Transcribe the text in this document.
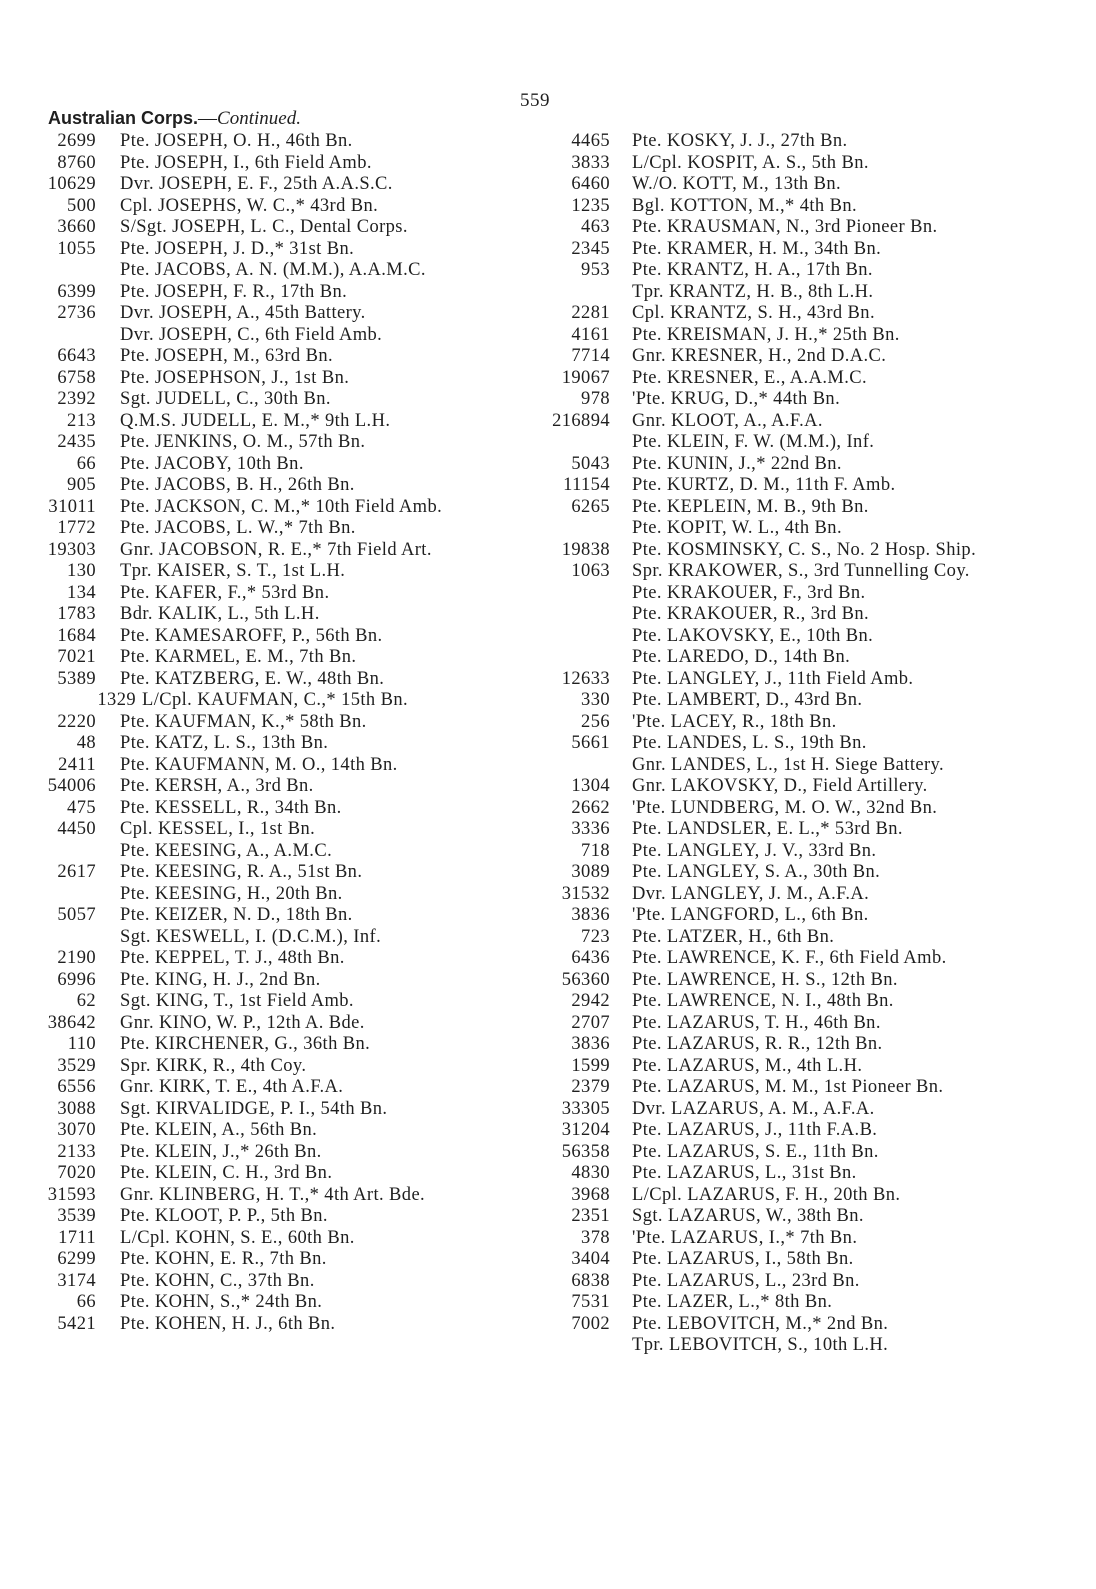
559
Australian Corps.—Continued.
2699	Pte. JOSEPH, O. H., 46th Bn.
8760	Pte. JOSEPH, I., 6th Field Amb.
10629	Dvr. JOSEPH, E. F., 25th A.A.S.C.
500	Cpl. JOSEPHS, W. C.,* 43rd Bn.
3660	S/Sgt. JOSEPH, L. C., Dental Corps.
1055	Pte. JOSEPH, J. D.,* 31st Bn.
Pte. JACOBS, A. N. (M.M.), A.A.M.C.
6399	Pte. JOSEPH, F. R., 17th Bn.
2736	Dvr. JOSEPH, A., 45th Battery.
Dvr. JOSEPH, C., 6th Field Amb.
6643	Pte. JOSEPH, M., 63rd Bn.
6758	Pte. JOSEPHSON, J., 1st Bn.
2392	Sgt. JUDELL, C., 30th Bn.
213	Q.M.S. JUDELL, E. M.,* 9th L.H.
2435	Pte. JENKINS, O. M., 57th Bn.
66	Pte. JACOBY, 10th Bn.
905	Pte. JACOBS, B. H., 26th Bn.
31011	Pte. JACKSON, C. M.,* 10th Field Amb.
1772	Pte. JACOBS, L. W.,* 7th Bn.
19303	Gnr. JACOBSON, R. E.,* 7th Field Art.
130	Tpr. KAISER, S. T., 1st L.H.
134	Pte. KAFER, F.,* 53rd Bn.
1783	Bdr. KALIK, L., 5th L.H.
1684	Pte. KAMESAROFF, P., 56th Bn.
7021	Pte. KARMEL, E. M., 7th Bn.
5389	Pte. KATZBERG, E. W., 48th Bn.
1329 L/Cpl. KAUFMAN, C.,* 15th Bn.
2220	Pte. KAUFMAN, K.,* 58th Bn.
48	Pte. KATZ, L. S., 13th Bn.
2411	Pte. KAUFMANN, M. O., 14th Bn.
54006	Pte. KERSH, A., 3rd Bn.
475	Pte. KESSELL, R., 34th Bn.
4450	Cpl. KESSEL, I., 1st Bn.
Pte. KEESING, A., A.M.C.
2617	Pte. KEESING, R. A., 51st Bn.
Pte. KEESING, H., 20th Bn.
5057	Pte. KEIZER, N. D., 18th Bn.
Sgt. KESWELL, I. (D.C.M.), Inf.
2190	Pte. KEPPEL, T. J., 48th Bn.
6996	Pte. KING, H. J., 2nd Bn.
62	Sgt. KING, T., 1st Field Amb.
38642	Gnr. KINO, W. P., 12th A. Bde.
110	Pte. KIRCHENER, G., 36th Bn.
3529	Spr. KIRK, R., 4th Coy.
6556	Gnr. KIRK, T. E., 4th A.F.A.
3088	Sgt. KIRVALIDGE, P. I., 54th Bn.
3070	Pte. KLEIN, A., 56th Bn.
2133	Pte. KLEIN, J.,* 26th Bn.
7020	Pte. KLEIN, C. H., 3rd Bn.
31593	Gnr. KLINBERG, H. T.,* 4th Art. Bde.
3539	Pte. KLOOT, P. P., 5th Bn.
1711	L/Cpl. KOHN, S. E., 60th Bn.
6299	Pte. KOHN, E. R., 7th Bn.
3174	Pte. KOHN, C., 37th Bn.
66	Pte. KOHN, S.,* 24th Bn.
5421	Pte. KOHEN, H. J., 6th Bn.
4465	Pte. KOSKY, J. J., 27th Bn.
3833	L/Cpl. KOSPIT, A. S., 5th Bn.
6460	W./O. KOTT, M., 13th Bn.
1235	Bgl. KOTTON, M.,* 4th Bn.
463	Pte. KRAUSMAN, N., 3rd Pioneer Bn.
2345	Pte. KRAMER, H. M., 34th Bn.
953	Pte. KRANTZ, H. A., 17th Bn.
Tpr. KRANTZ, H. B., 8th L.H.
2281	Cpl. KRANTZ, S. H., 43rd Bn.
4161	Pte. KREISMAN, J. H.,* 25th Bn.
7714	Gnr. KRESNER, H., 2nd D.A.C.
19067	Pte. KRESNER, E., A.A.M.C.
978	'Pte. KRUG, D.,* 44th Bn.
216894	Gnr. KLOOT, A., A.F.A.
Pte. KLEIN, F. W. (M.M.), Inf.
5043	Pte. KUNIN, J.,* 22nd Bn.
11154	Pte. KURTZ, D. M., 11th F. Amb.
6265	Pte. KEPLEIN, M. B., 9th Bn.
Pte. KOPIT, W. L., 4th Bn.
19838	Pte. KOSMINSKY, C. S., No. 2 Hosp. Ship.
1063	Spr. KRAKOWER, S., 3rd Tunnelling Coy.
Pte. KRAKOUER, F., 3rd Bn.
Pte. KRAKOUER, R., 3rd Bn.
Pte. LAKOVSKY, E., 10th Bn.
Pte. LAREDO, D., 14th Bn.
12633	Pte. LANGLEY, J., 11th Field Amb.
330	Pte. LAMBERT, D., 43rd Bn.
256	'Pte. LACEY, R., 18th Bn.
5661	Pte. LANDES, L. S., 19th Bn.
Gnr. LANDES, L., 1st H. Siege Battery.
1304	Gnr. LAKOVSKY, D., Field Artillery.
2662	'Pte. LUNDBERG, M. O. W., 32nd Bn.
3336	Pte. LANDSLER, E. L.,* 53rd Bn.
718	Pte. LANGLEY, J. V., 33rd Bn.
3089	Pte. LANGLEY, S. A., 30th Bn.
31532	Dvr. LANGLEY, J. M., A.F.A.
3836	'Pte. LANGFORD, L., 6th Bn.
723	Pte. LATZER, H., 6th Bn.
6436	Pte. LAWRENCE, K. F., 6th Field Amb.
56360	Pte. LAWRENCE, H. S., 12th Bn.
2942	Pte. LAWRENCE, N. I., 48th Bn.
2707	Pte. LAZARUS, T. H., 46th Bn.
3836	Pte. LAZARUS, R. R., 12th Bn.
1599	Pte. LAZARUS, M., 4th L.H.
2379	Pte. LAZARUS, M. M., 1st Pioneer Bn.
33305	Dvr. LAZARUS, A. M., A.F.A.
31204	Pte. LAZARUS, J., 11th F.A.B.
56358	Pte. LAZARUS, S. E., 11th Bn.
4830	Pte. LAZARUS, L., 31st Bn.
3968	L/Cpl. LAZARUS, F. H., 20th Bn.
2351	Sgt. LAZARUS, W., 38th Bn.
378	'Pte. LAZARUS, I.,* 7th Bn.
3404	Pte. LAZARUS, I., 58th Bn.
6838	Pte. LAZARUS, L., 23rd Bn.
7531	Pte. LAZER, L.,* 8th Bn.
7002	Pte. LEBOVITCH, M.,* 2nd Bn.
Tpr. LEBOVITCH, S., 10th L.H.
